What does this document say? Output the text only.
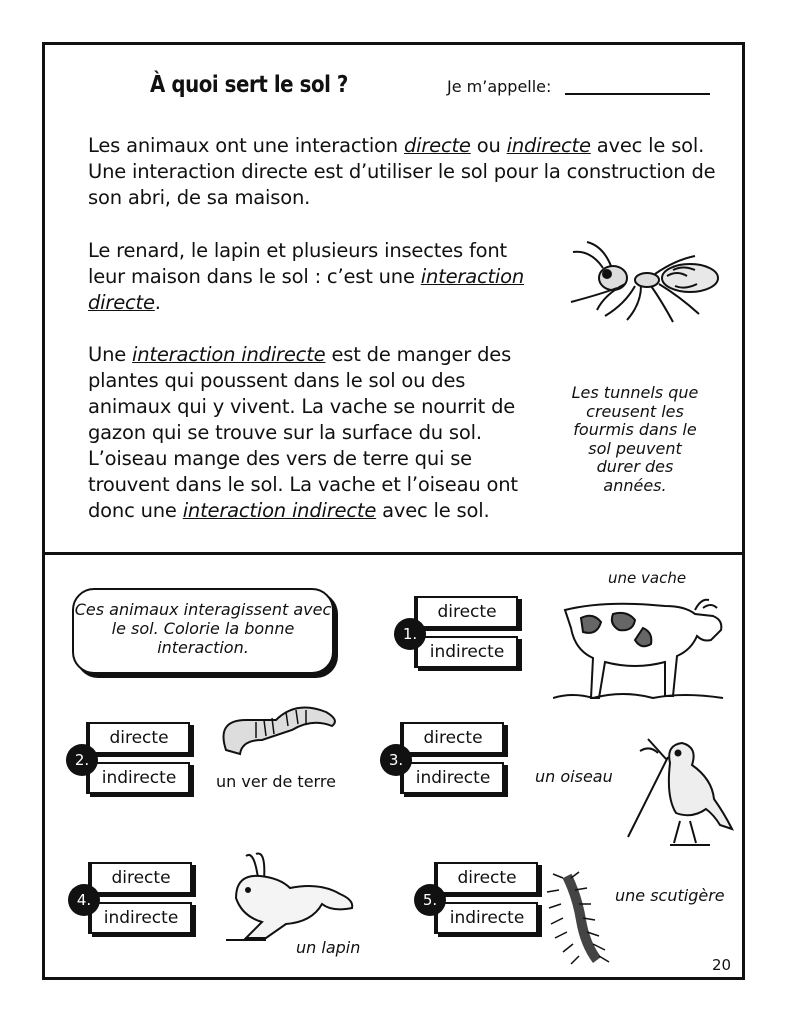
À quoi sert le sol ?	Je m’appelle:
Les animaux ont une interaction directe ou indirecte avec le sol. Une interaction directe est d’utiliser le sol pour la construction de son abri, de sa maison.
Le renard, le lapin et plusieurs insectes font leur maison dans le sol : c’est une interaction directe.
Une interaction indirecte est de manger des plantes qui poussent dans le sol ou des animaux qui y vivent. La vache se nourrit de gazon qui se trouve sur la surface du sol. L’oiseau mange des vers de terre qui se trouvent dans le sol. La vache et l’oiseau ont donc une interaction indirecte avec le sol.
Les tunnels que creusent les fourmis dans le sol peuvent durer des années.
Ces animaux interagissent avec le sol. Colorie la bonne interaction.
directe
indirecte
1.
une vache
directe
indirecte
2.
un ver de terre
directe
indirecte
3.
un oiseau
directe
indirecte
4.
un lapin
directe
indirecte
5.	une scutigère
20
